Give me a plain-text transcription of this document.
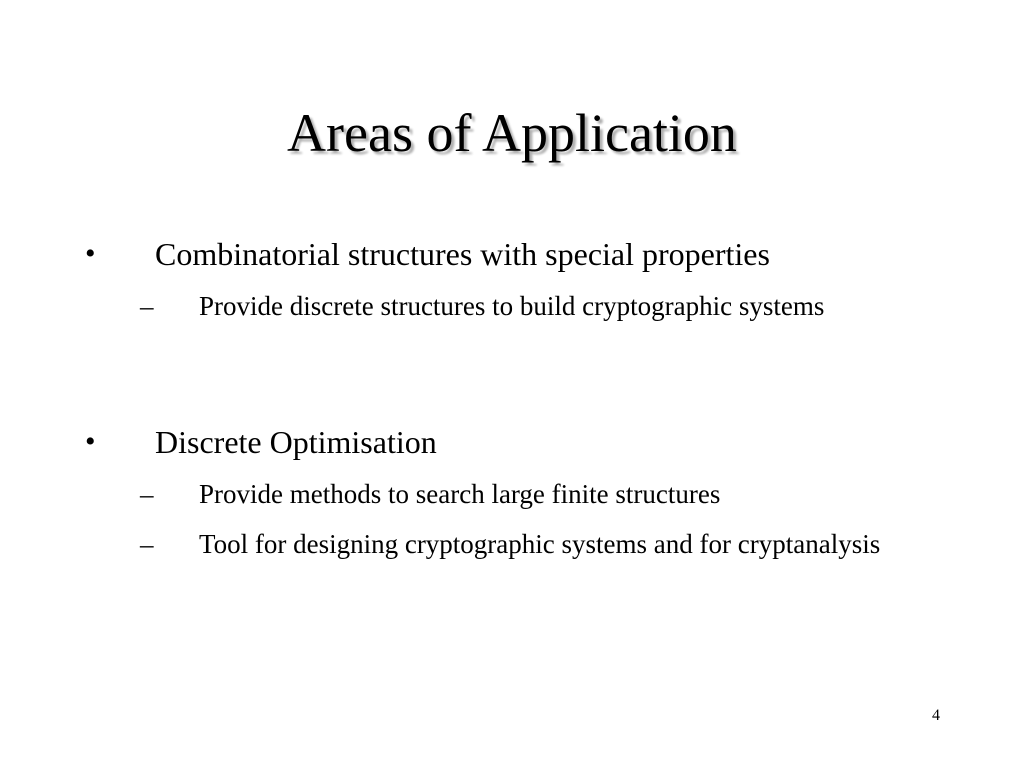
Areas of Application
•	Combinatorial structures with special properties
–	Provide discrete structures to build cryptographic systems
•	Discrete Optimisation
–	Provide methods to search large finite structures
–	Tool for designing cryptographic systems and for cryptanalysis
4
